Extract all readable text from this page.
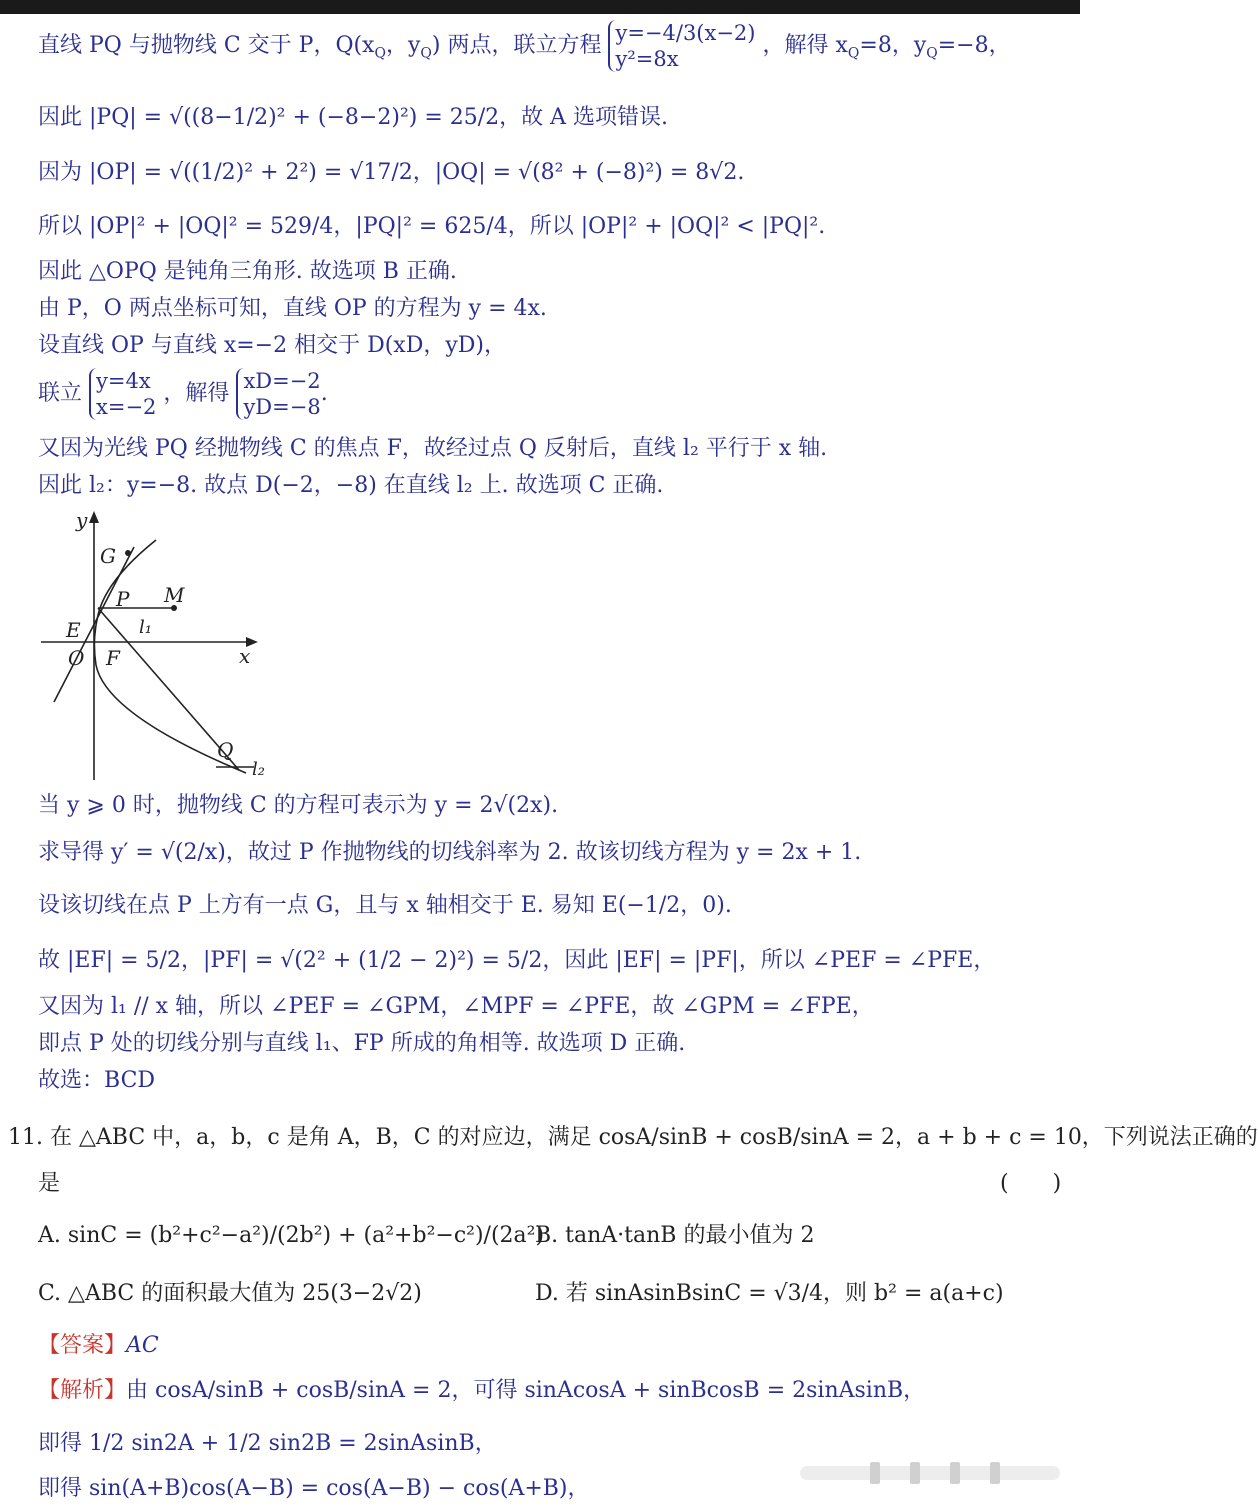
直线 PQ 与抛物线 C 交于 P，$Q(x_Q$，$y_Q$) 两点，联立方程 y=−4/3(x−2)
y²=8x
，解得 $x_Q=8$，$y_Q=-8$，
因此 |PQ| = √((8−1/2)² + (−8−2)²) = 25/2，故 A 选项错误.
因为 |OP| = √((1/2)² + 2²) = √17/2，|OQ| = √(8² + (−8)²) = 8√2.
所以 |OP|² + |OQ|² = 529/4，|PQ|² = 625/4，所以 |OP|² + |OQ|² < |PQ|².
因此 △OPQ 是钝角三角形. 故选项 B 正确.
由 P，O 两点坐标可知，直线 OP 的方程为 y = 4x.
设直线 OP 与直线 x=−2 相交于 D(xD，yD)，
联立 y=4x
x=−2
，解得 xD=−2
yD=−8
.
又因为光线 PQ 经抛物线 C 的焦点 F，故经过点 Q 反射后，直线 l₂ 平行于 x 轴.
因此 l₂：y=−8. 故点 D(−2，−8) 在直线 l₂ 上. 故选项 C 正确.
y
x
G
P M
E	l₁
O F
Q
l₂
当 y ⩾ 0 时，抛物线 C 的方程可表示为 y = 2√(2x).
求导得 y′ = √(2/x)，故过 P 作抛物线的切线斜率为 2. 故该切线方程为 y = 2x + 1.
设该切线在点 P 上方有一点 G，且与 x 轴相交于 E. 易知 E(−1/2，0).
故 |EF| = 5/2，|PF| = √(2² + (1/2 − 2)²) = 5/2，因此 |EF| = |PF|，所以 ∠PEF = ∠PFE，
又因为 l₁ // x 轴，所以 ∠PEF = ∠GPM，∠MPF = ∠PFE，故 ∠GPM = ∠FPE，
即点 P 处的切线分别与直线 l₁、FP 所成的角相等. 故选项 D 正确.
故选：BCD
11. 在 △ABC 中，a，b，c 是角 A，B，C 的对应边，满足 cosA/sinB + cosB/sinA = 2，a + b + c = 10，下列说法正确的
是	(　　)
A. sinC = (b²+c²−a²)/(2b²) + (a²+b²−c²)/(2a²)
B. tanA·tanB 的最小值为 2
C. △ABC 的面积最大值为 25(3−2√2)	D. 若 sinAsinBsinC = √3/4，则 b² = a(a+c)
【答案】AC
【解析】由 cosA/sinB + cosB/sinA = 2，可得 sinAcosA + sinBcosB = 2sinAsinB，
即得 1/2 sin2A + 1/2 sin2B = 2sinAsinB，
即得 sin(A+B)cos(A−B) = cos(A−B) − cos(A+B)，
